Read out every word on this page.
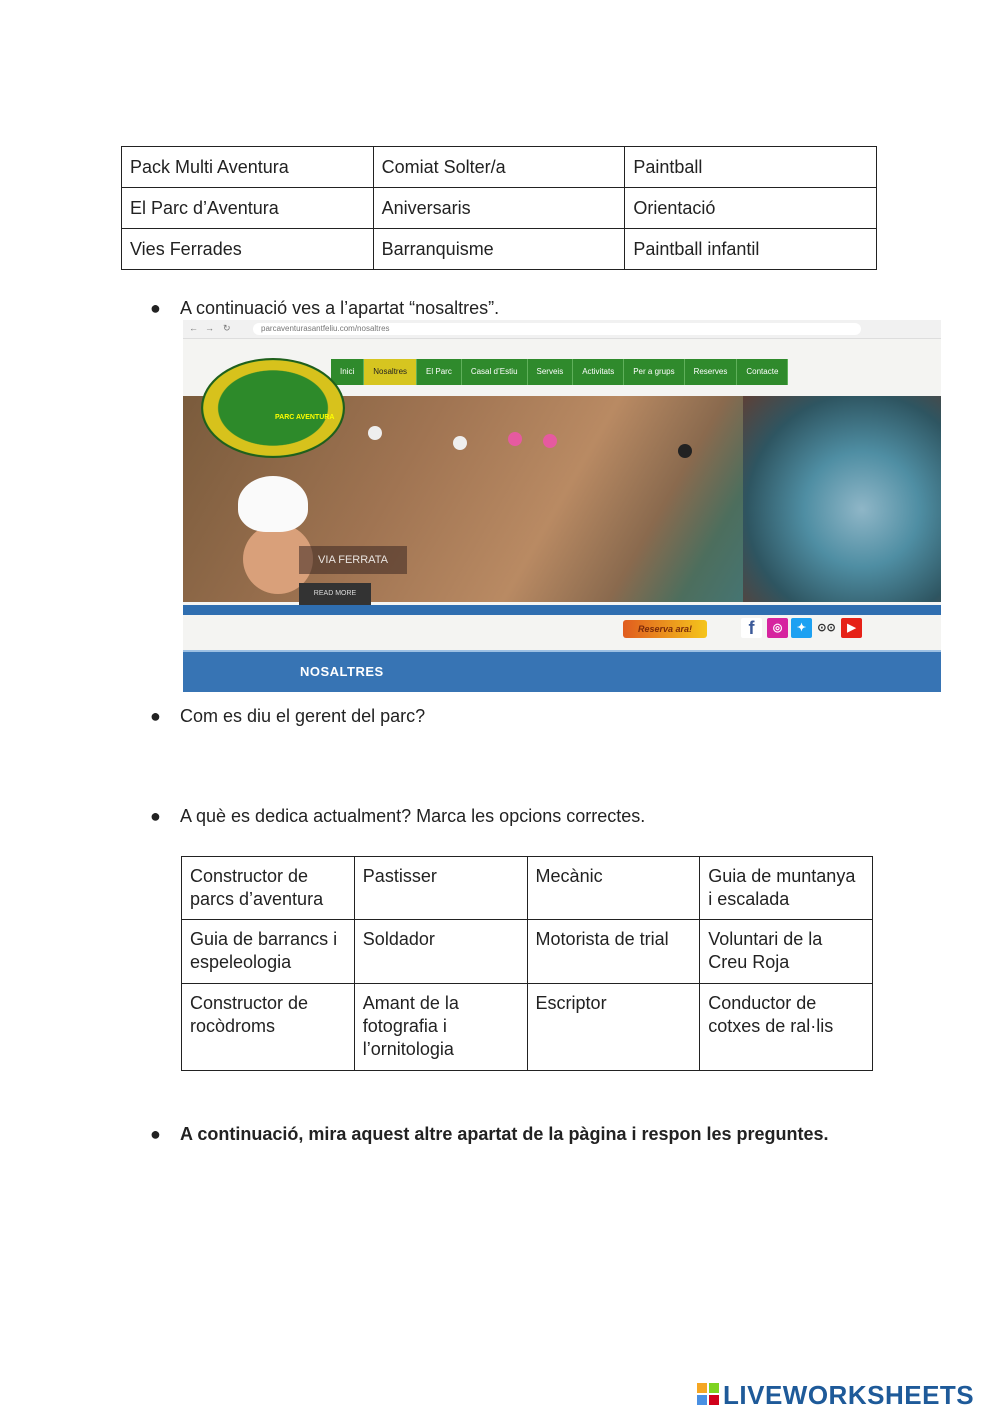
Pack Multi Aventura	Comiat Solter/a	Paintball
El Parc d’Aventura	Aniversaris	Orientació
Vies Ferrades	Barranquisme	Paintball infantil
● A continuació ves a l’apartat “nosaltres”.
← → ↻	parcaventurasantfeliu.com/nosaltres
Inici	Nosaltres	El Parc	Casal d’Estiu	Serveis	Activitats	Per a grups	Reserves	Contacte
VIA FERRATA
READ MORE
PARC AVENTURA
Reserva ara!	f	◎	✦	⊙⊙	▶
NOSALTRES
● Com es diu el gerent del parc?
● A què es dedica actualment? Marca les opcions correctes.
Constructor de parcs d’aventura	Pastisser	Mecànic	Guia de muntanya i escalada
Guia de barrancs i espeleologia	Soldador	Motorista de trial	Voluntari de la Creu Roja
Constructor de rocòdroms	Amant de la fotografia i l’ornitologia	Escriptor	Conductor de cotxes de ral·lis
● A continuació, mira aquest altre apartat de la pàgina i respon les preguntes.
LIVEWORKSHEETS
